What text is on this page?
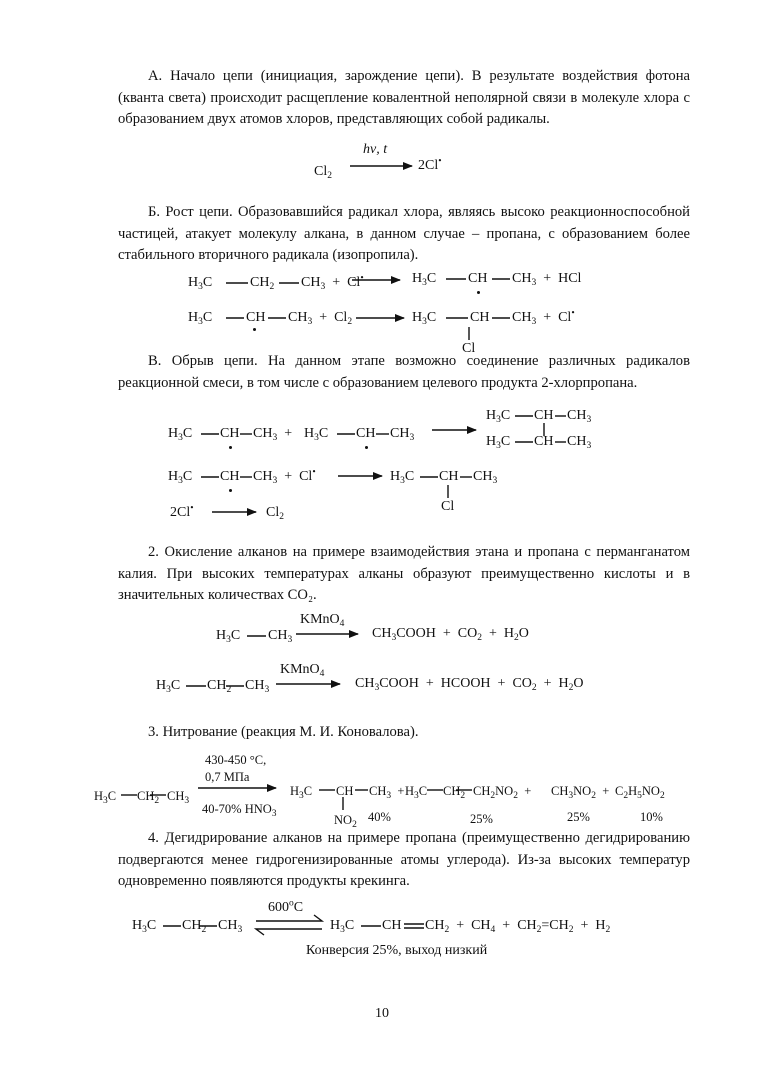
А. Начало цепи (инициация, зарождение цепи). В результате воздействия фотона (кванта света) происходит расщепление ковалентной неполярной связи в молекуле хлора с образованием двух атомов хлоров, представляющих собой радикалы.

Б. Рост цепи. Образовавшийся радикал хлора, являясь высоко реакционноспособной частицей, атакует молекулу алкана, в данном случае – пропана, с образованием более стабильного вторичного радикала (изопропила).

В. Обрыв цепи. На данном этапе возможно соединение различных радикалов реакционной смеси, в том числе с образованием целевого продукта 2-хлорпропана.

2. Окисление алканов на примере взаимодействия этана и пропана с перманганатом калия. При высоких температурах алканы образуют преимущественно кислоты и в значительных количествах CO₂.

3. Нитрование (реакция М. И. Коновалова).

4. Дегидрирование алканов на примере пропана (преимущественно дегидрированию подвергаются менее гидрогенизированные атомы углерода). Из-за высоких температур одновременно появляются продукты крекинга.

$Cl_2$
hν, t
2Cl•
$H_3C$	$CH_2$ $CH_3 + Cl^•$	$H_3C$ CH $CH_3$  +  HCl
$H_3C$ CH $CH_3 + Cl_2$	$H_3C$ CH $CH_3 + Cl^•$
Cl
$H_3C$ CH $CH_3 + H_3C$ CH $CH_3$
$H_3C$ CH $CH_3$
$H_3C$ CH $CH_3$
$H_3C$ CH $CH_3 + Cl^•$	$H_3C$ CH $CH_3$
Cl
2Cl•	$Cl_2$
$H_3C$ $CH_3$
KMnO$_4$
$CH_3COOH + CO_2 + H_2O$
$H_3C$ $CH_2$ $CH_3$
KMnO$_4$
$CH_3COOH$  +  HCOOH  +  $CO_2 + H_2O$
$H_3C$ $CH_2$ $CH_3$
430-450 °C,
0,7 МПа
40-70% $HNO_3$
$H_3C$ CH $CH_3$  +
$NO_2$
40%
$H_3C$ $CH_2$ $CH_2NO_2$  +
25%
$CH_3NO_2$  +
25%
$C_2H_5NO_2$
10%
$H_3C$ $CH_2$ $CH_3$
600$^o$C
$H_3C$ CH $CH_2 + CH_4 + CH_2=CH_2 + H_2$
Конверсия 25%, выход низкий
10
